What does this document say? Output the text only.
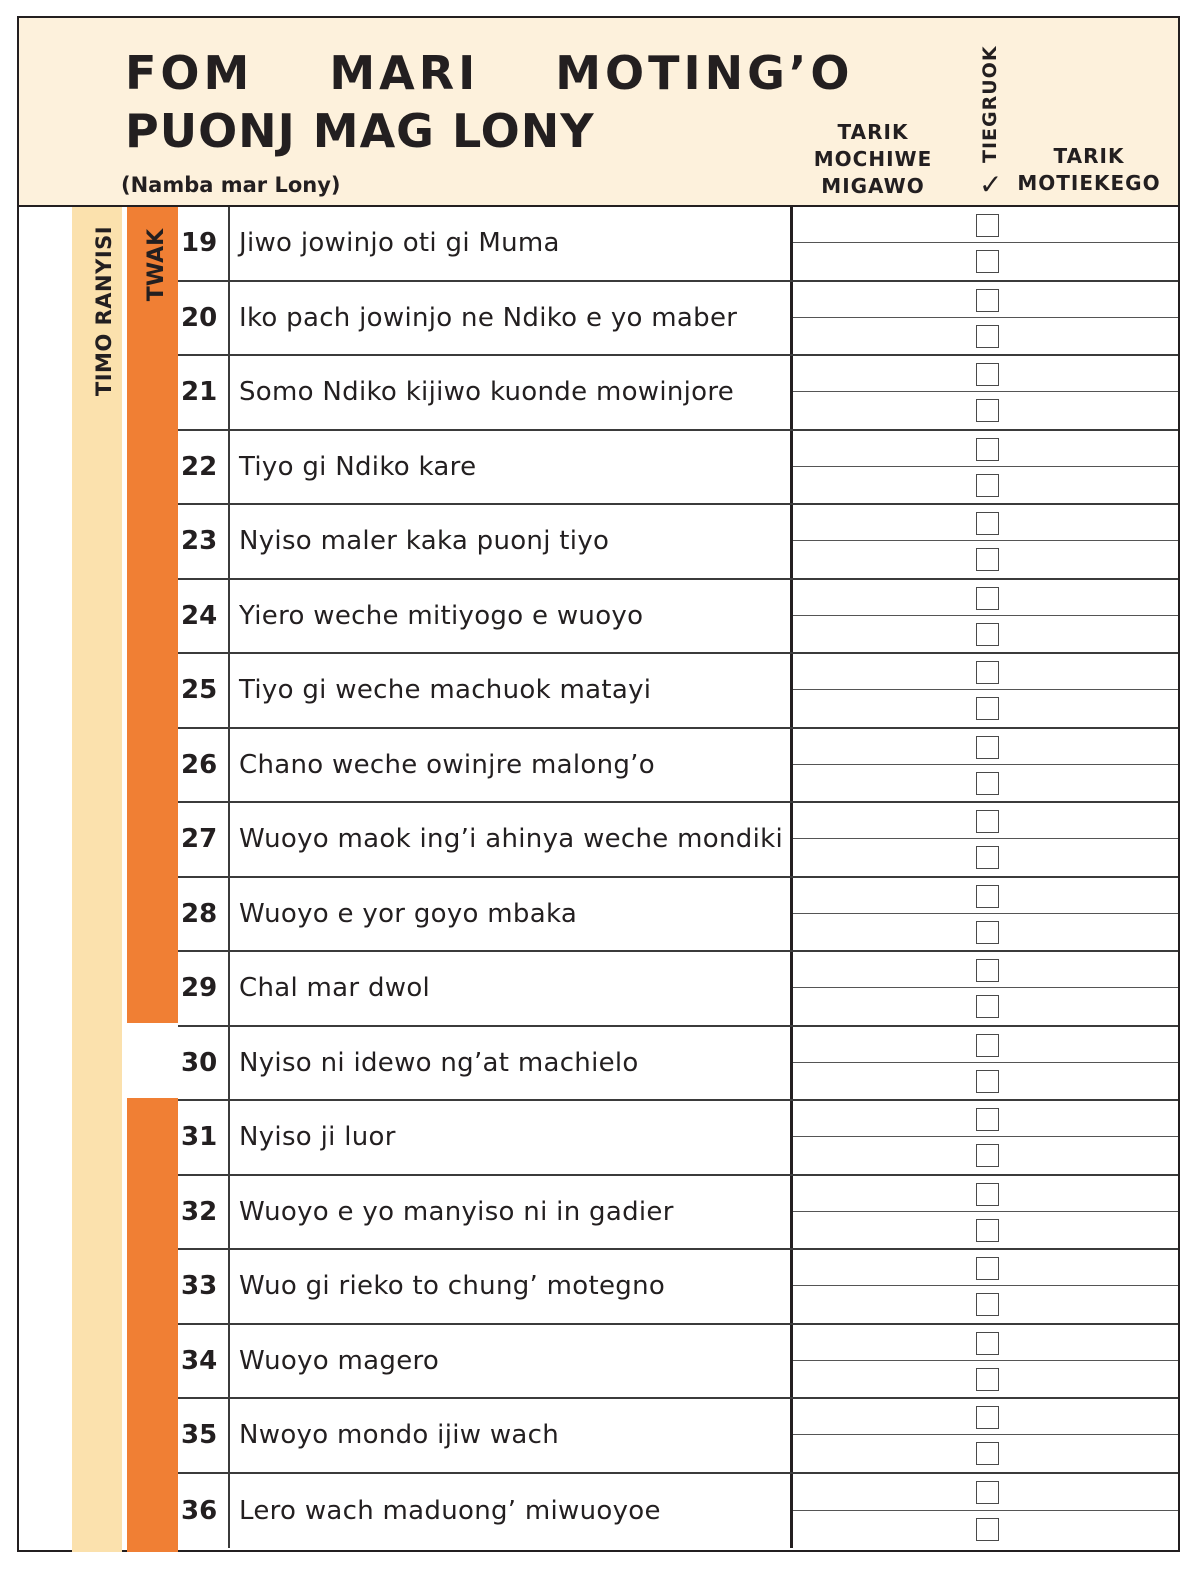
FOM  MARI  MOTING’O
PUONJ MAG LONY
(Namba mar Lony)
TARIK MOCHIWE MIGAWO
TIEGRUOK
✓
TARIK MOTIEKEGO
TIMO RANYISI TWAK 19 Jiwo jowinjo oti gi Muma
20 Iko pach jowinjo ne Ndiko e yo maber
21 Somo Ndiko kijiwo kuonde mowinjore
22 Tiyo gi Ndiko kare
23 Nyiso maler kaka puonj tiyo
24 Yiero weche mitiyogo e wuoyo
25 Tiyo gi weche machuok matayi
26 Chano weche owinjre malong’o
27 Wuoyo maok ing’i ahinya weche mondiki
28 Wuoyo e yor goyo mbaka
29 Chal mar dwol
30 Nyiso ni idewo ng’at machielo
31 Nyiso ji luor
32 Wuoyo e yo manyiso ni in gadier
33 Wuo gi rieko to chung’ motegno
34 Wuoyo magero
35 Nwoyo mondo ijiw wach
36 Lero wach maduong’ miwuoyoe
